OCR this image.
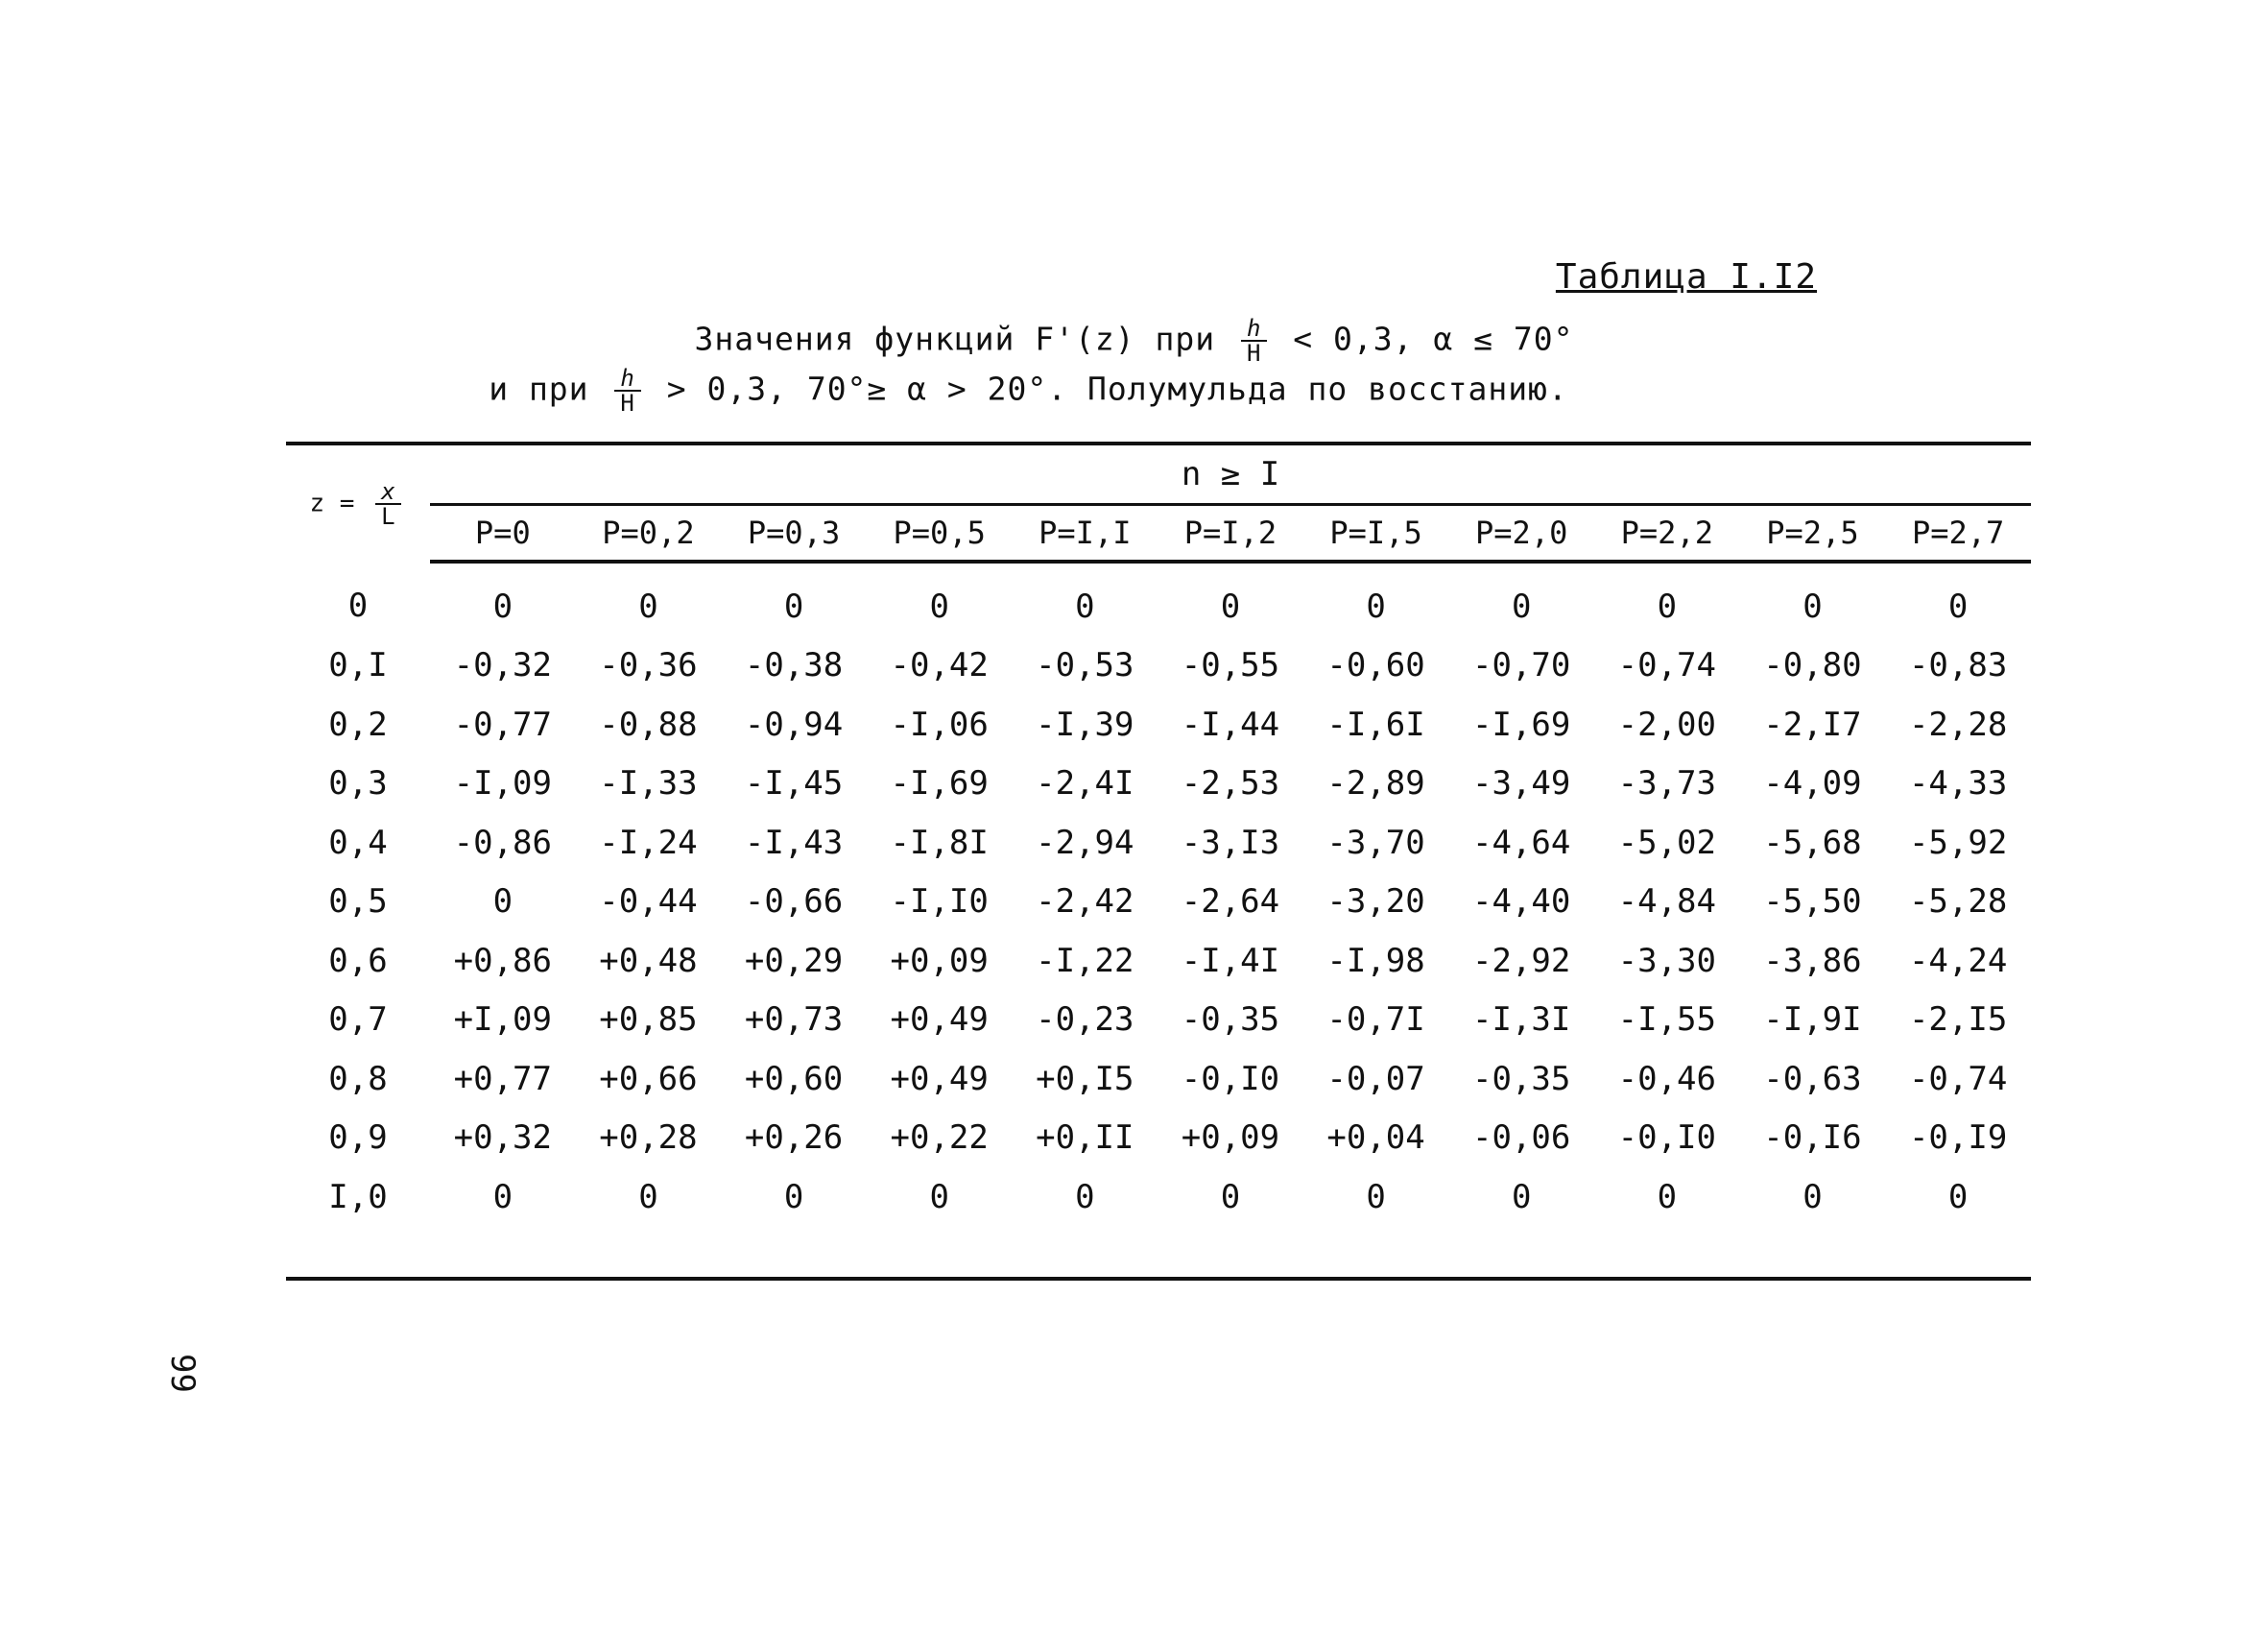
Таблица I.I2
Значения функций F'(z) при $\frac{h}{H} < 0,3$, α ≤ 70°
и при $\frac{h}{H} > 0,3$, 70°≥ α > 20°. Полумульда по восстанию.
$z = \frac{x}{L}$	n ≥ I										
	P=0	P=0,2	P=0,3	P=0,5	P=I,I	P=I,2	P=I,5	P=2,0	P=2,2	P=2,5	P=2,7
0	0	0	0	0	0	0	0	0	0	0	0
0,I	-0,32	-0,36	-0,38	-0,42	-0,53	-0,55	-0,60	-0,70	-0,74	-0,80	-0,83
0,2	-0,77	-0,88	-0,94	-I,06	-I,39	-I,44	-I,6I	-I,69	-2,00	-2,I7	-2,28
0,3	-I,09	-I,33	-I,45	-I,69	-2,4I	-2,53	-2,89	-3,49	-3,73	-4,09	-4,33
0,4	-0,86	-I,24	-I,43	-I,8I	-2,94	-3,I3	-3,70	-4,64	-5,02	-5,68	-5,92
0,5	0	-0,44	-0,66	-I,I0	-2,42	-2,64	-3,20	-4,40	-4,84	-5,50	-5,28
0,6	+0,86	+0,48	+0,29	+0,09	-I,22	-I,4I	-I,98	-2,92	-3,30	-3,86	-4,24
0,7	+I,09	+0,85	+0,73	+0,49	-0,23	-0,35	-0,7I	-I,3I	-I,55	-I,9I	-2,I5
0,8	+0,77	+0,66	+0,60	+0,49	+0,I5	-0,I0	-0,07	-0,35	-0,46	-0,63	-0,74
0,9	+0,32	+0,28	+0,26	+0,22	+0,II	+0,09	+0,04	-0,06	-0,I0	-0,I6	-0,I9
I,0	0	0	0	0	0	0	0	0	0	0	0
99
